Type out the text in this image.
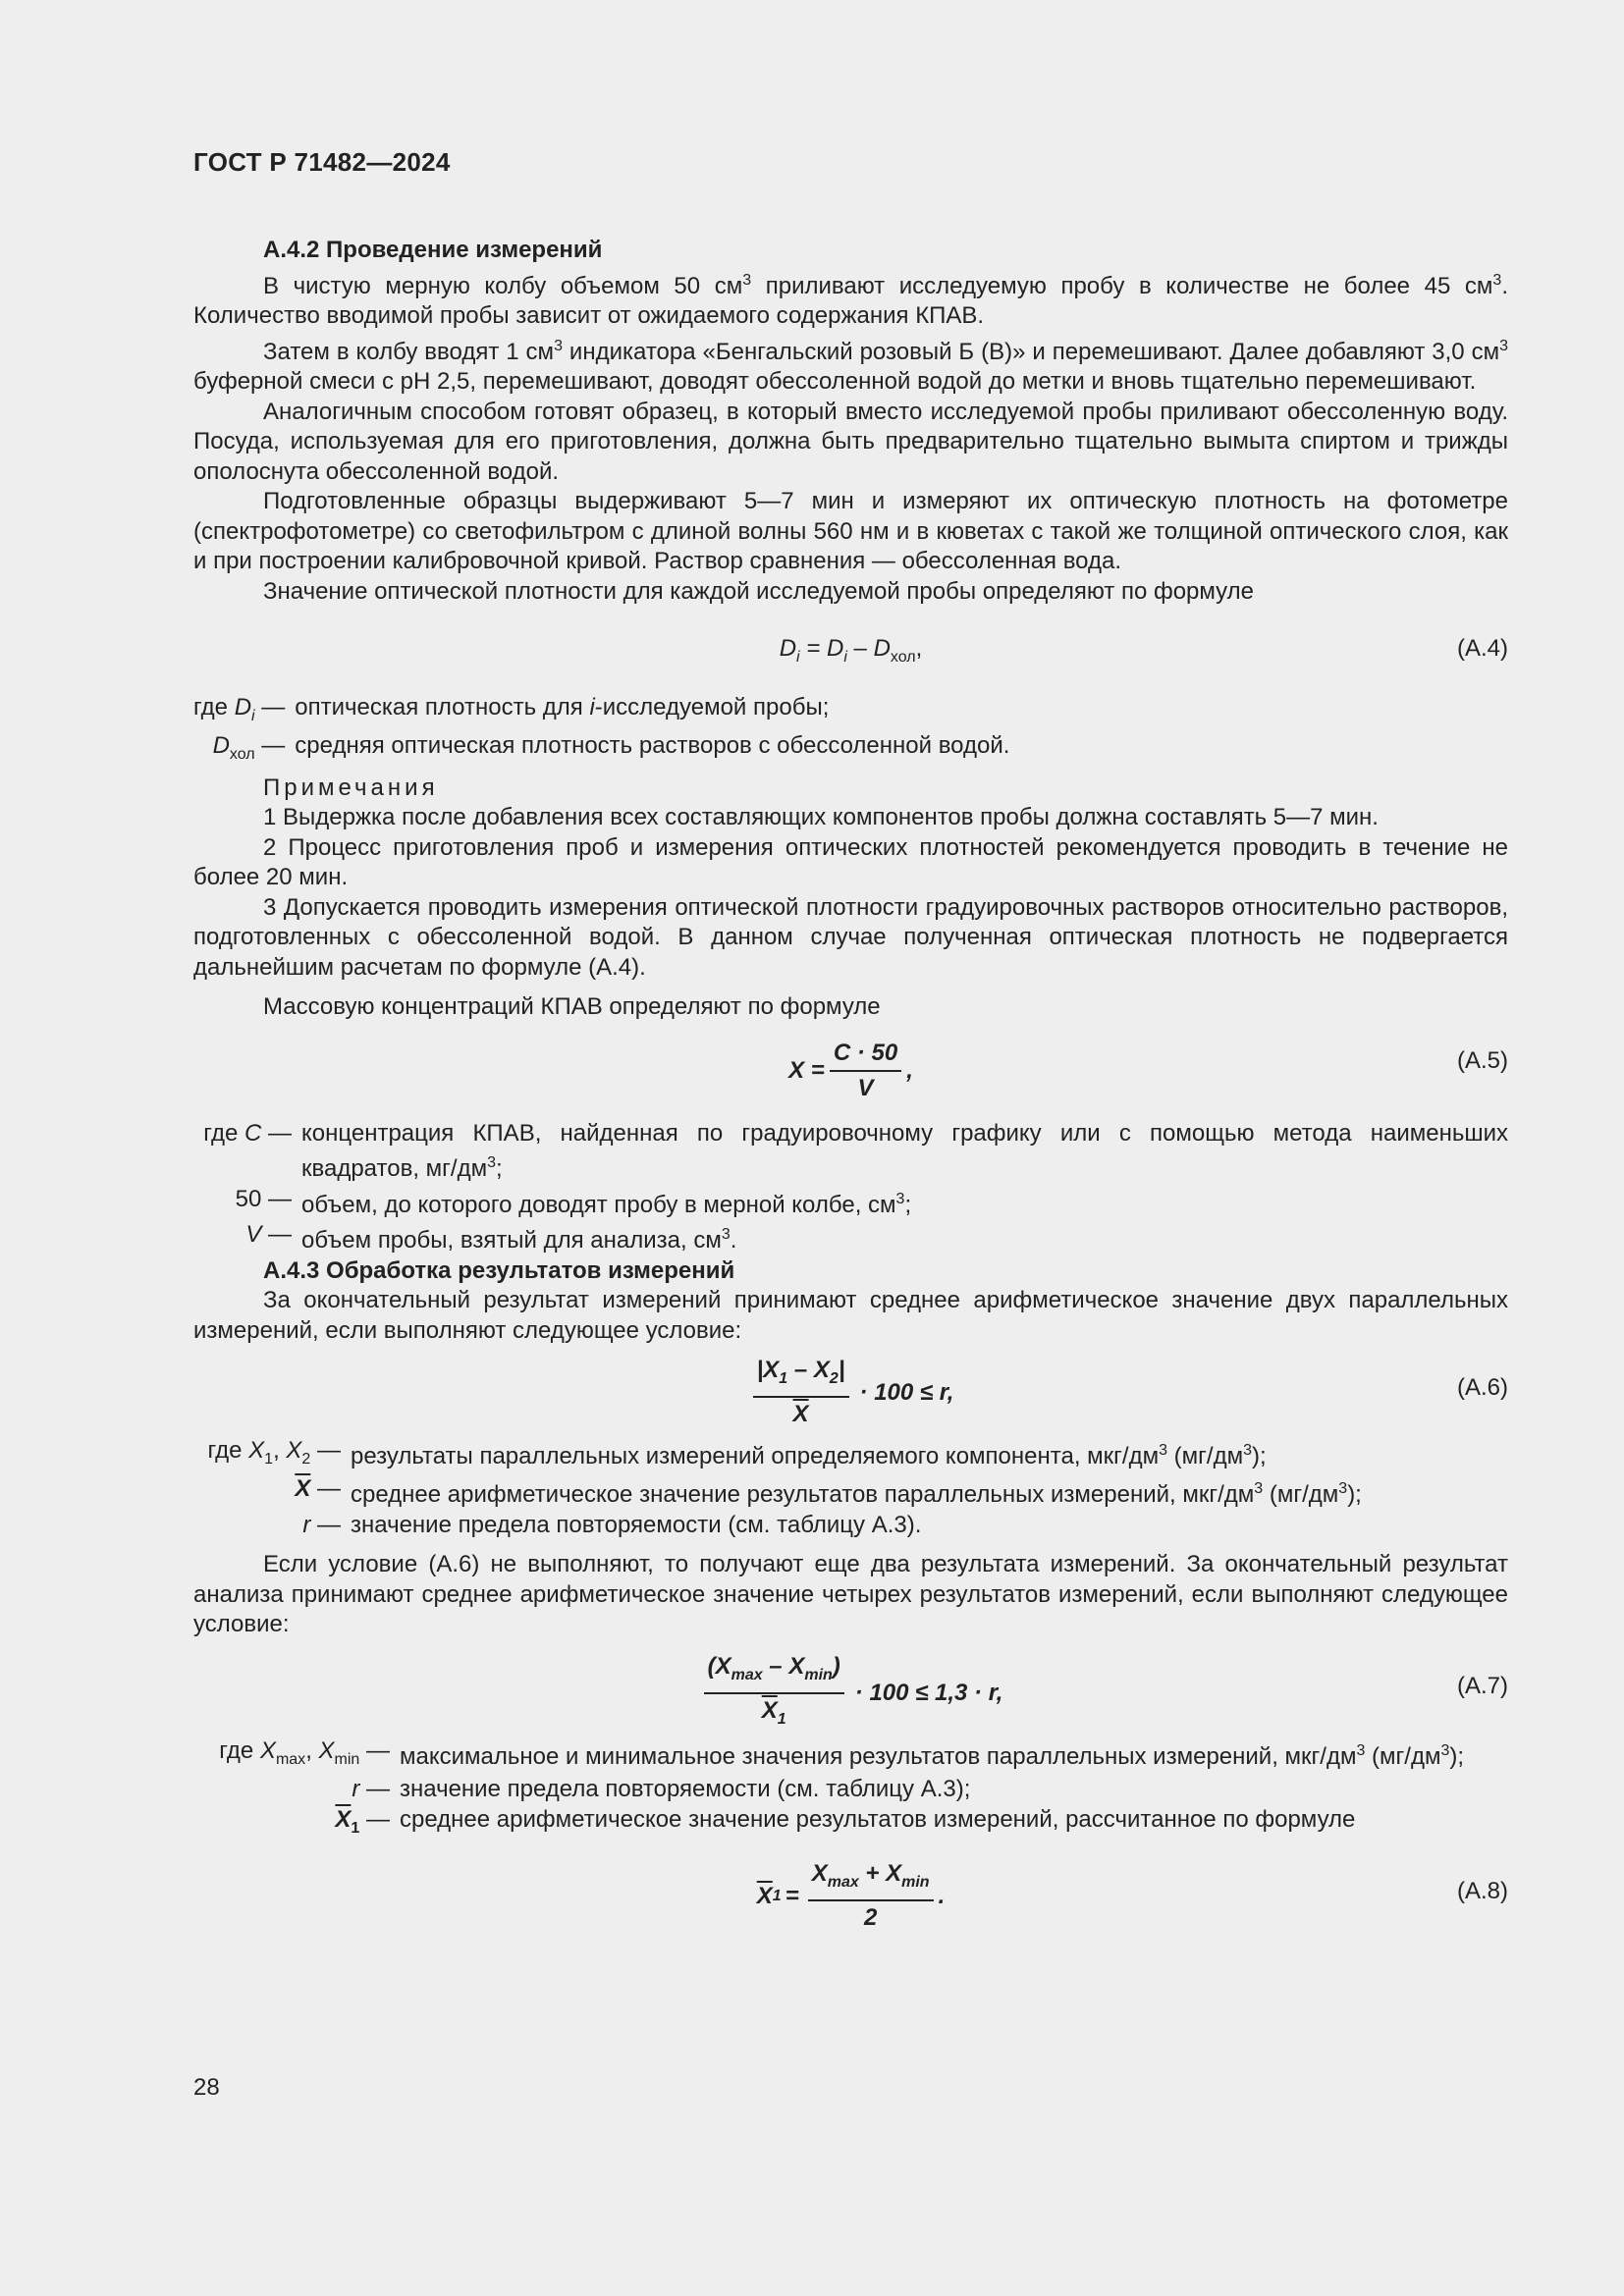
ГОСТ Р 71482—2024

А.4.2 Проведение измерений

В чистую мерную колбу объемом 50 $см^3$ приливают исследуемую пробу в количестве не более 45 $см^3$. Количество вводимой пробы зависит от ожидаемого содержания КПАВ.

Затем в колбу вводят 1 $см^3$ индикатора «Бенгальский розовый Б (В)» и перемешивают. Далее добавляют 3,0 $см^3$ буферной смеси с pH 2,5, перемешивают, доводят обессоленной водой до метки и вновь тщательно перемешивают.

Аналогичным способом готовят образец, в который вместо исследуемой пробы приливают обессоленную воду. Посуда, используемая для его приготовления, должна быть предварительно тщательно вымыта спиртом и трижды ополоснута обессоленной водой.

Подготовленные образцы выдерживают 5—7 мин и измеряют их оптическую плотность на фотометре (спектрофотометре) со светофильтром с длиной волны 560 нм и в кюветах с такой же толщиной оптического слоя, как и при построении калибровочной кривой. Раствор сравнения — обессоленная вода.

Значение оптической плотности для каждой исследуемой пробы определяют по формуле

$D_i = D_i - D_{хол}$,	(А.4)
где $D_i$ — оптическая плотность для i-исследуемой пробы;
$D_{хол}$ — средняя оптическая плотность растворов с обессоленной водой.

Примечания

1 Выдержка после добавления всех составляющих компонентов пробы должна составлять 5—7 мин.

2 Процесс приготовления проб и измерения оптических плотностей рекомендуется проводить в течение не более 20 мин.

3 Допускается проводить измерения оптической плотности градуировочных растворов относительно растворов, подготовленных с обессоленной водой. В данном случае полученная оптическая плотность не подвергается дальнейшим расчетам по формуле (А.4).

Массовую концентраций КПАВ определяют по формуле

$X = \frac{C \cdot 50}{V}$ ,	(А.5)
где C — концентрация КПАВ, найденная по градуировочному графику или с помощью метода наименьших квадратов, $мг/дм^3$;
50 — объем, до которого доводят пробу в мерной колбе, $см^3$;
V — объем пробы, взятый для анализа, $см^3$.

А.4.3 Обработка результатов измерений

За окончательный результат измерений принимают среднее арифметическое значение двух параллельных измерений, если выполняют следующее условие:

$\frac{|X_1 - X_2|}{X} \cdot 100 \le r$,	(А.6)
где $X_1$, $X_2$ — результаты параллельных измерений определяемого компонента, мкг/$дм^3$ $(мг/дм^3)$;
$\overline{X}$ — среднее арифметическое значение результатов параллельных измерений, мкг/$дм^3$ $(мг/дм^3)$;
r — значение предела повторяемости (см. таблицу А.3).

Если условие (А.6) не выполняют, то получают еще два результата измерений. За окончательный результат анализа принимают среднее арифметическое значение четырех результатов измерений, если выполняют следующее условие:

$\frac{(X_{max} - X_{min})}{\overline{X}_1} \cdot 100 \le 1,3 \cdot r$,	(А.7)
где $X_{max}$, $X_{min}$ — максимальное и минимальное значения результатов параллельных измерений, мкг/$дм^3$ $(мг/дм^3)$;
r — значение предела повторяемости (см. таблицу А.3);
$\overline{X}_1$ — среднее арифметическое значение результатов измерений, рассчитанное по формуле
$\overline{X}$ $1 = \frac{X_{max} + X_{min}}{2}$ .	(А.8)
28
